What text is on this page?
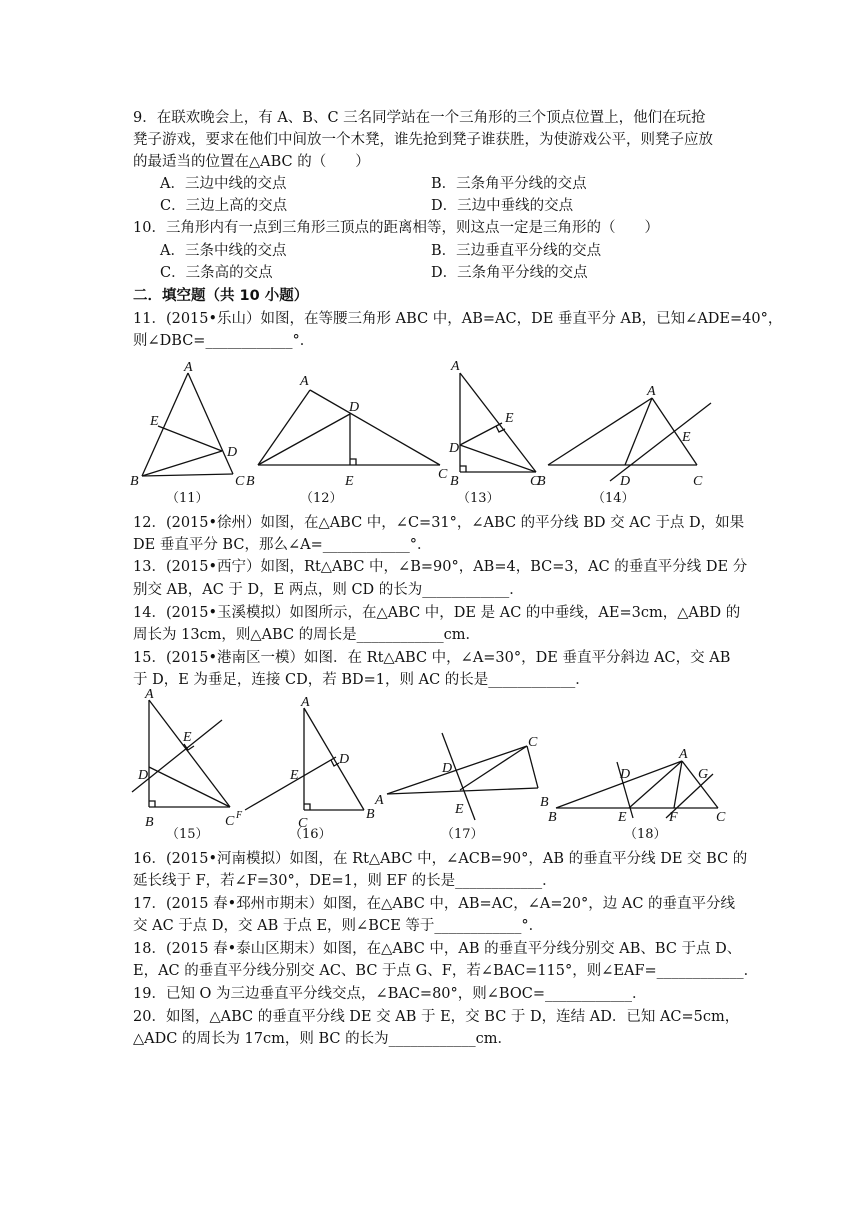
9．在联欢晚会上，有 A、B、C 三名同学站在一个三角形的三个顶点位置上，他们在玩抢
凳子游戏，要求在他们中间放一个木凳，谁先抢到凳子谁获胜，为使游戏公平，则凳子应放
的最适当的位置在△ABC 的（　　）
A．三边中线的交点	B．三条角平分线的交点
C．三边上高的交点	D．三边中垂线的交点
10．三角形内有一点到三角形三顶点的距离相等，则这点一定是三角形的（　　）
A．三条中线的交点	B．三边垂直平分线的交点
C．三条高的交点	D．三条角平分线的交点
二．填空题（共 10 小题）
11．(2015•乐山）如图，在等腰三角形 ABC 中，AB=AC，DE 垂直平分 AB，已知∠ADE=40°，
则∠DBC=____________°．
A
E
D
B	C
A
D
B	E	C
A
E
D
B	C
A
E
B	D	C
（11）	（12）	（13）	（14）
12．(2015•徐州）如图，在△ABC 中，∠C=31°，∠ABC 的平分线 BD 交 AC 于点 D，如果
DE 垂直平分 BC，那么∠A=____________°．
13．(2015•西宁）如图，Rt△ABC 中，∠B=90°，AB=4，BC=3，AC 的垂直平分线 DE 分
别交 AB，AC 于 D，E 两点，则 CD 的长为____________．
14．(2015•玉溪模拟）如图所示，在△ABC 中，DE 是 AC 的中垂线，AE=3cm，△ABD 的
周长为 13cm，则△ABC 的周长是____________cm．
15．(2015•港南区一模）如图．在 Rt△ABC 中，∠A=30°，DE 垂直平分斜边 AC，交 AB
于 D，E 为垂足，连接 CD，若 BD=1，则 AC 的长是____________．
A
E
D
B	C F
A
D
E
C
B
C
D
A
E
A
D	G
B
B	E	F	C
（15）	（16）	（17）	（18）
16．(2015•河南模拟）如图，在 Rt△ABC 中，∠ACB=90°，AB 的垂直平分线 DE 交 BC 的
延长线于 F，若∠F=30°，DE=1，则 EF 的长是____________．
17．(2015 春•邳州市期末）如图，在△ABC 中，AB=AC，∠A=20°，边 AC 的垂直平分线
交 AC 于点 D，交 AB 于点 E，则∠BCE 等于____________°．
18．(2015 春•泰山区期末）如图，在△ABC 中，AB 的垂直平分线分别交 AB、BC 于点 D、
E，AC 的垂直平分线分别交 AC、BC 于点 G、F，若∠BAC=115°，则∠EAF=____________．
19．已知 O 为三边垂直平分线交点，∠BAC=80°，则∠BOC=____________．
20．如图，△ABC 的垂直平分线 DE 交 AB 于 E，交 BC 于 D，连结 AD．已知 AC=5cm，
△ADC 的周长为 17cm，则 BC 的长为____________cm．
